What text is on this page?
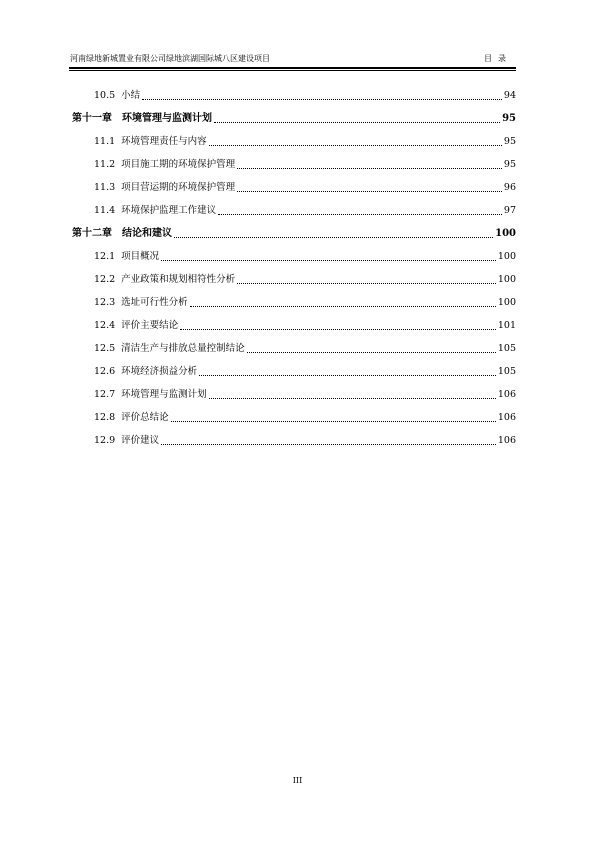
河南绿地新城置业有限公司绿地滨湖国际城八区建设项目	目录
10.5 小结	94
第十一章 环境管理与监测计划	95
11.1 环境管理责任与内容	95
11.2 项目施工期的环境保护管理	95
11.3 项目营运期的环境保护管理	96
11.4 环境保护监理工作建议	97
第十二章 结论和建议	100
12.1 项目概况	100
12.2 产业政策和规划相符性分析	100
12.3 选址可行性分析	100
12.4 评价主要结论	101
12.5 清洁生产与排放总量控制结论	105
12.6 环境经济损益分析	105
12.7 环境管理与监测计划	106
12.8 评价总结论	106
12.9 评价建议	106
III
